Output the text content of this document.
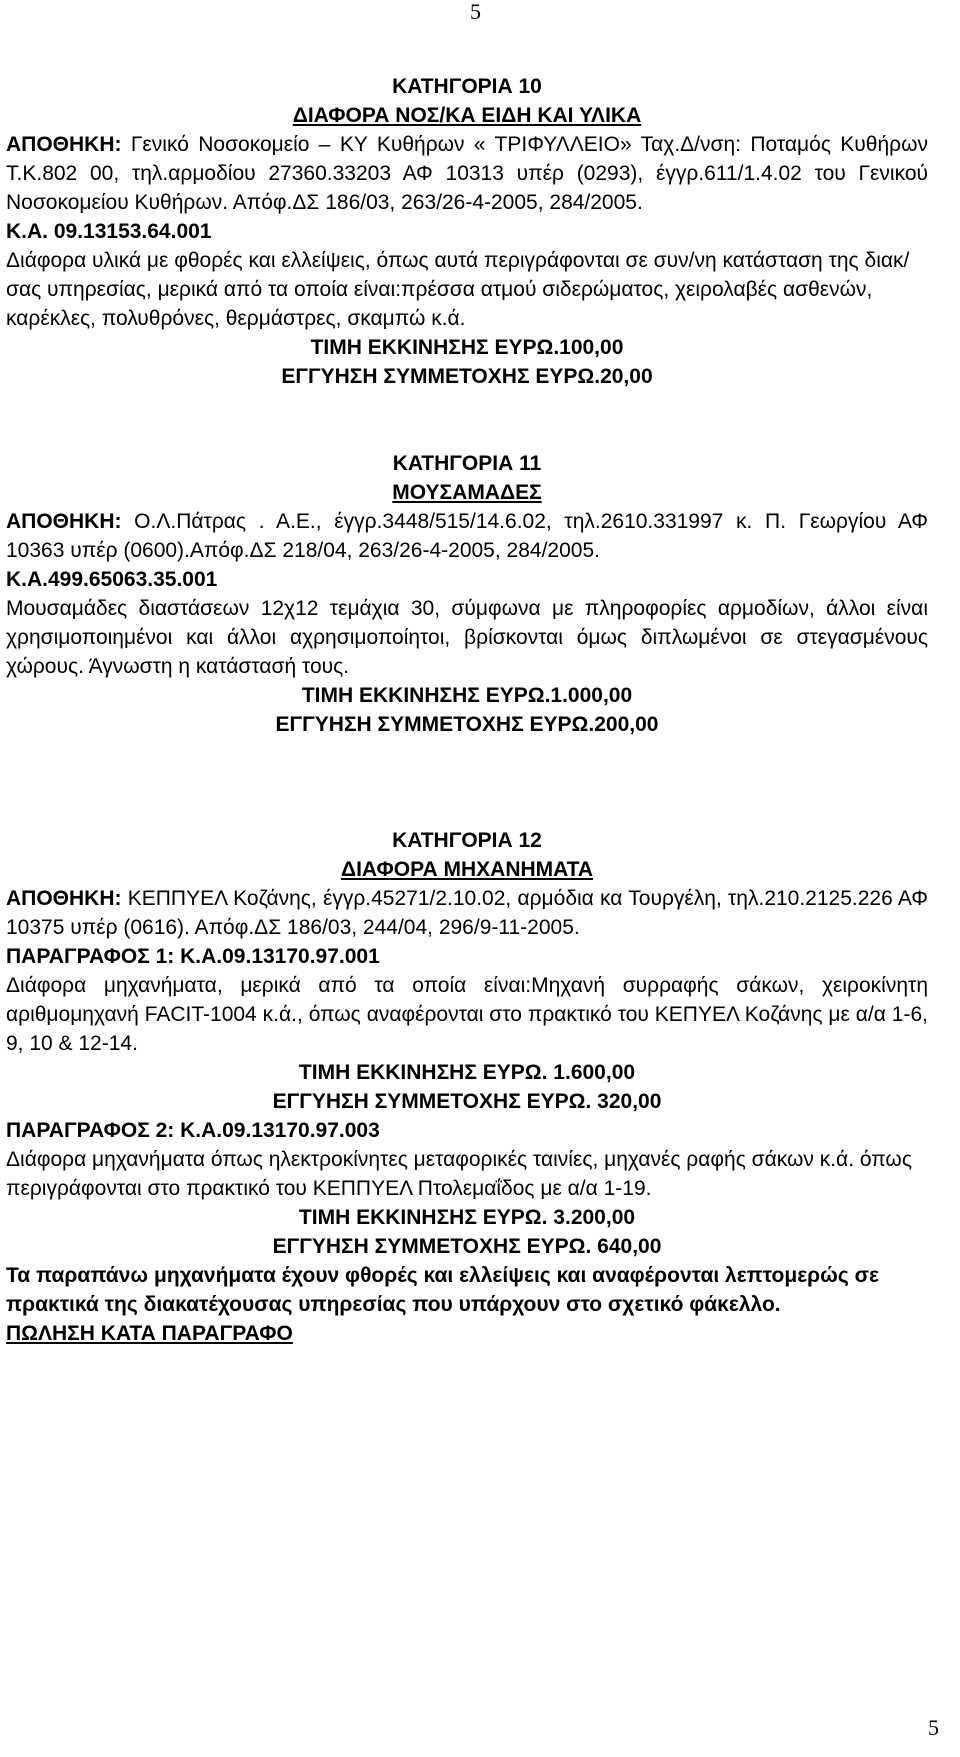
5

ΚΑΤΗΓΟΡΙΑ 10

ΔΙΑΦΟΡΑ ΝΟΣ/ΚΑ ΕΙΔΗ ΚΑΙ ΥΛΙΚΑ

ΑΠΟΘΗΚΗ: Γενικό Νοσοκομείο – ΚΥ Κυθήρων « ΤΡΙΦΥΛΛΕΙΟ» Ταχ.Δ/νση: Ποταμός Κυθήρων Τ.Κ.802 00, τηλ.αρμοδίου 27360.33203 ΑΦ 10313 υπέρ (0293), έγγρ.611/1.4.02 του Γενικού Νοσοκομείου Κυθήρων. Απόφ.ΔΣ 186/03, 263/26-4-2005, 284/2005.

Κ.Α. 09.13153.64.001

Διάφορα υλικά με φθορές και ελλείψεις, όπως αυτά περιγράφονται σε συν/νη κατάσταση της διακ/σας υπηρεσίας, μερικά από τα οποία είναι:πρέσσα ατμού σιδερώματος, χειρολαβές ασθενών, καρέκλες, πολυθρόνες, θερμάστρες, σκαμπώ κ.ά.

ΤΙΜΗ ΕΚΚΙΝΗΣΗΣ ΕΥΡΩ.100,00

ΕΓΓΥΗΣΗ ΣΥΜΜΕΤΟΧΗΣ ΕΥΡΩ.20,00

ΚΑΤΗΓΟΡΙΑ 11

ΜΟΥΣΑΜΑΔΕΣ

ΑΠΟΘΗΚΗ: Ο.Λ.Πάτρας . Α.Ε., έγγρ.3448/515/14.6.02, τηλ.2610.331997 κ. Π. Γεωργίου ΑΦ 10363 υπέρ (0600).Απόφ.ΔΣ 218/04, 263/26-4-2005, 284/2005.

Κ.Α.499.65063.35.001

Μουσαμάδες διαστάσεων 12χ12 τεμάχια 30, σύμφωνα με πληροφορίες αρμοδίων, άλλοι είναι χρησιμοποιημένοι και άλλοι αχρησιμοποίητοι, βρίσκονται όμως διπλωμένοι σε στεγασμένους χώρους. Άγνωστη η κατάστασή τους.

ΤΙΜΗ ΕΚΚΙΝΗΣΗΣ ΕΥΡΩ.1.000,00

ΕΓΓΥΗΣΗ ΣΥΜΜΕΤΟΧΗΣ ΕΥΡΩ.200,00

ΚΑΤΗΓΟΡΙΑ 12

ΔΙΑΦΟΡΑ ΜΗΧΑΝΗΜΑΤΑ

ΑΠΟΘΗΚΗ: ΚΕΠΠΥΕΛ Κοζάνης, έγγρ.45271/2.10.02, αρμόδια κα Τουργέλη, τηλ.210.2125.226 ΑΦ 10375 υπέρ (0616). Απόφ.ΔΣ 186/03, 244/04, 296/9-11-2005.

ΠΑΡΑΓΡΑΦΟΣ 1: Κ.Α.09.13170.97.001

Διάφορα μηχανήματα, μερικά από τα οποία είναι:Μηχανή συρραφής σάκων, χειροκίνητη αριθμομηχανή FACIT-1004 κ.ά., όπως αναφέρονται στο πρακτικό του ΚΕΠΥΕΛ Κοζάνης με α/α 1-6, 9, 10 & 12-14.

ΤΙΜΗ ΕΚΚΙΝΗΣΗΣ ΕΥΡΩ. 1.600,00

ΕΓΓΥΗΣΗ ΣΥΜΜΕΤΟΧΗΣ ΕΥΡΩ. 320,00

ΠΑΡΑΓΡΑΦΟΣ 2: Κ.Α.09.13170.97.003

Διάφορα μηχανήματα όπως ηλεκτροκίνητες μεταφορικές ταινίες, μηχανές ραφής σάκων κ.ά. όπως περιγράφονται στο πρακτικό του ΚΕΠΠΥΕΛ Πτολεμαΐδος με α/α 1-19.

ΤΙΜΗ ΕΚΚΙΝΗΣΗΣ ΕΥΡΩ. 3.200,00

ΕΓΓΥΗΣΗ ΣΥΜΜΕΤΟΧΗΣ ΕΥΡΩ. 640,00

Τα παραπάνω μηχανήματα έχουν φθορές και ελλείψεις και αναφέρονται λεπτομερώς σε πρακτικά της διακατέχουσας υπηρεσίας που υπάρχουν στο σχετικό φάκελλο.

ΠΩΛΗΣΗ ΚΑΤΑ ΠΑΡΑΓΡΑΦΟ

5
